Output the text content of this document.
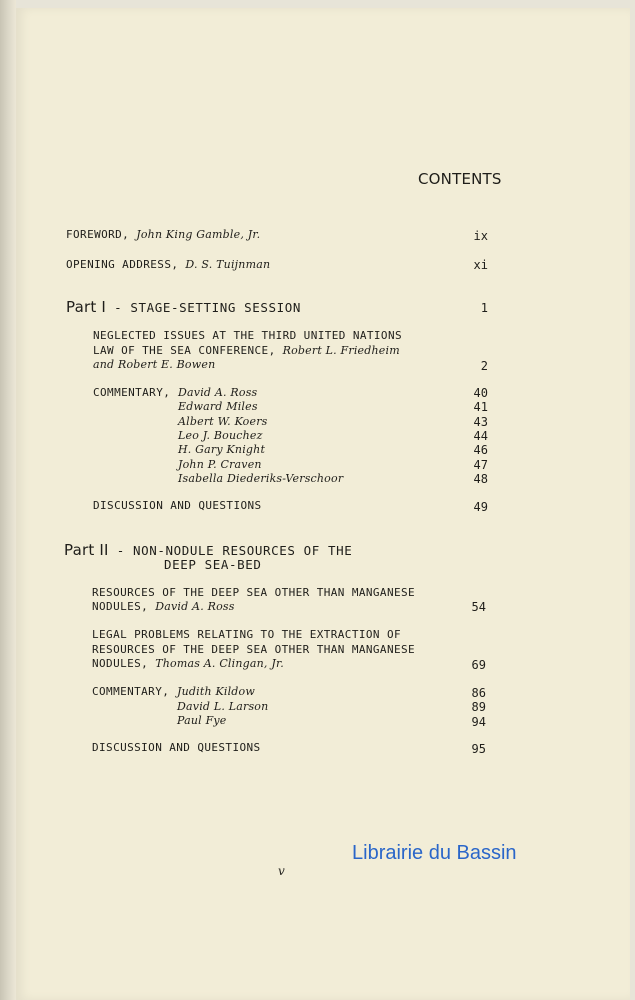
CONTENTS
FOREWORD, John King Gamble, Jr.	ix
OPENING ADDRESS, D. S. Tuijnman	xi
Part I - STAGE-SETTING SESSION	1
NEGLECTED ISSUES AT THE THIRD UNITED NATIONS
LAW OF THE SEA CONFERENCE, Robert L. Friedheim
and Robert E. Bowen	2
COMMENTARY, David A. Ross	40
Edward Miles	41
Albert W. Koers	43
Leo J. Bouchez	44
H. Gary Knight	46
John P. Craven	47
Isabella Diederiks-Verschoor	48
DISCUSSION AND QUESTIONS	49
Part II - NON-NODULE RESOURCES OF THE
DEEP SEA-BED
RESOURCES OF THE DEEP SEA OTHER THAN MANGANESE
NODULES, David A. Ross	54
LEGAL PROBLEMS RELATING TO THE EXTRACTION OF
RESOURCES OF THE DEEP SEA OTHER THAN MANGANESE
NODULES, Thomas A. Clingan, Jr.	69
COMMENTARY, Judith Kildow	86
David L. Larson	89
Paul Fye	94
DISCUSSION AND QUESTIONS	95
Librairie du Bassin
v
